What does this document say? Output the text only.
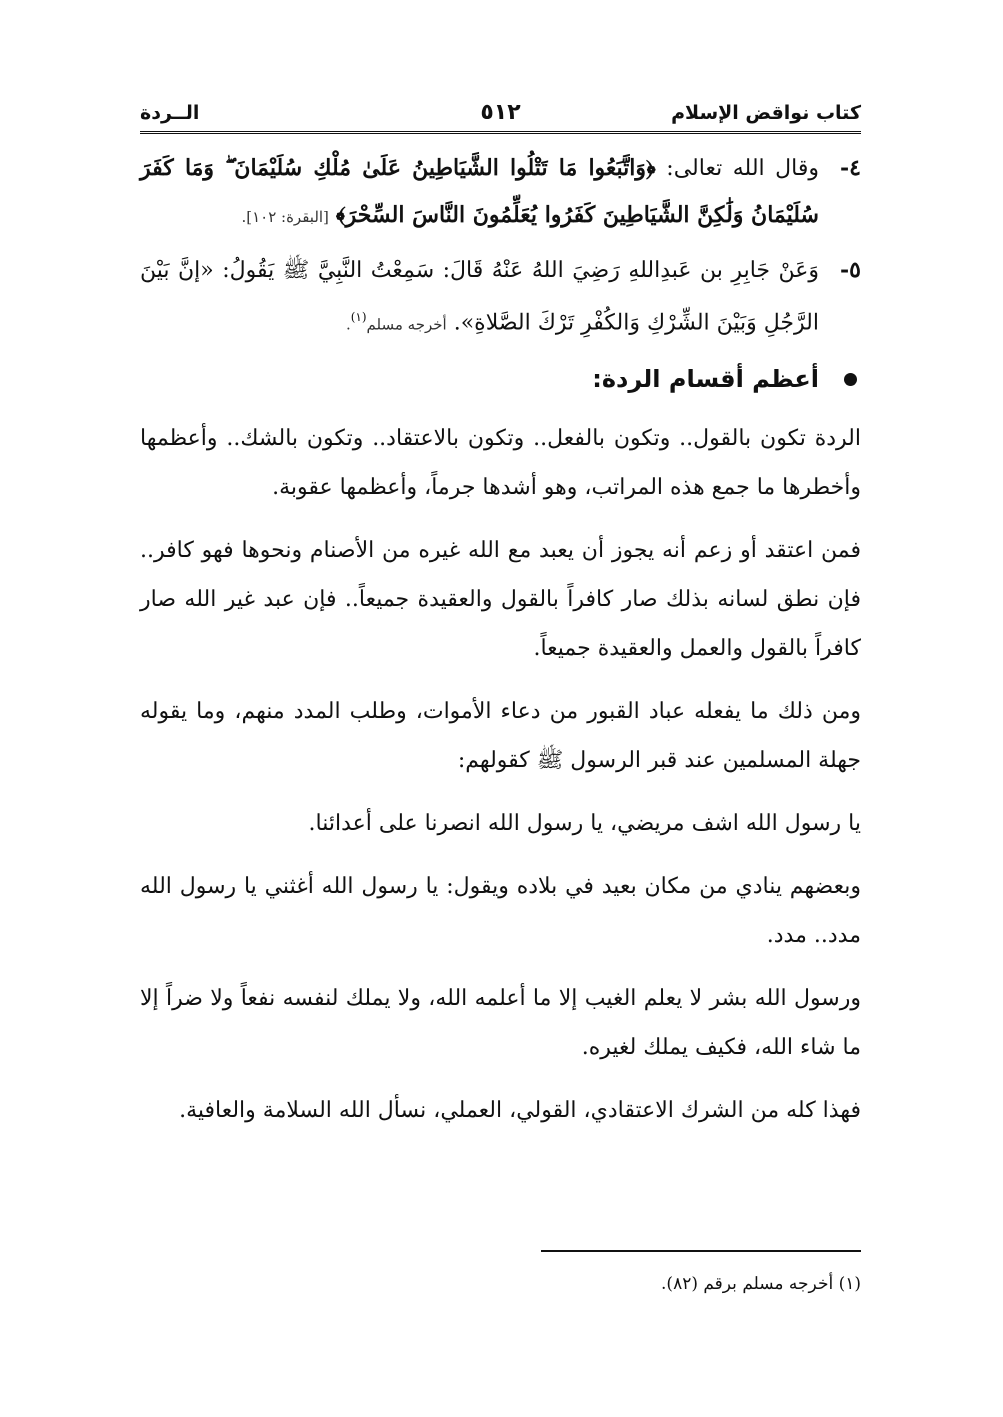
كتاب نواقض الإسلام
٥١٢
الــردة

٤-
وقال الله تعالى: ﴿وَاتَّبَعُوا مَا تَتْلُوا الشَّيَاطِينُ عَلَىٰ مُلْكِ سُلَيْمَانَ ۖ وَمَا كَفَرَ سُلَيْمَانُ وَلَٰكِنَّ الشَّيَاطِينَ كَفَرُوا يُعَلِّمُونَ النَّاسَ السِّحْرَ﴾ [البقرة: ١٠٢].

٥-
وَعَنْ جَابِرِ بن عَبدِاللهِ رَضِيَ اللهُ عَنْهُ قَالَ: سَمِعْتُ النَّبِيَّ ﷺ يَقُولُ: «إنَّ بَيْنَ الرَّجُلِ وَبَيْنَ الشِّرْكِ وَالكُفْرِ تَرْكَ الصَّلاةِ». أخرجه مسلم$^{(١)}$.

أعظم أقسام الردة:

الردة تكون بالقول.. وتكون بالفعل.. وتكون بالاعتقاد.. وتكون بالشك.. وأعظمها وأخطرها ما جمع هذه المراتب، وهو أشدها جرماً، وأعظمها عقوبة.

فمن اعتقد أو زعم أنه يجوز أن يعبد مع الله غيره من الأصنام ونحوها فهو كافر.. فإن نطق لسانه بذلك صار كافراً بالقول والعقيدة جميعاً.. فإن عبد غير الله صار كافراً بالقول والعمل والعقيدة جميعاً.

ومن ذلك ما يفعله عباد القبور من دعاء الأموات، وطلب المدد منهم، وما يقوله جهلة المسلمين عند قبر الرسول ﷺ كقولهم:

يا رسول الله اشف مريضي، يا رسول الله انصرنا على أعدائنا.

وبعضهم ينادي من مكان بعيد في بلاده ويقول: يا رسول الله أغثني يا رسول الله مدد.. مدد.

ورسول الله بشر لا يعلم الغيب إلا ما أعلمه الله، ولا يملك لنفسه نفعاً ولا ضراً إلا ما شاء الله، فكيف يملك لغيره.

فهذا كله من الشرك الاعتقادي، القولي، العملي، نسأل الله السلامة والعافية.

(١) أخرجه مسلم برقم (٨٢).
